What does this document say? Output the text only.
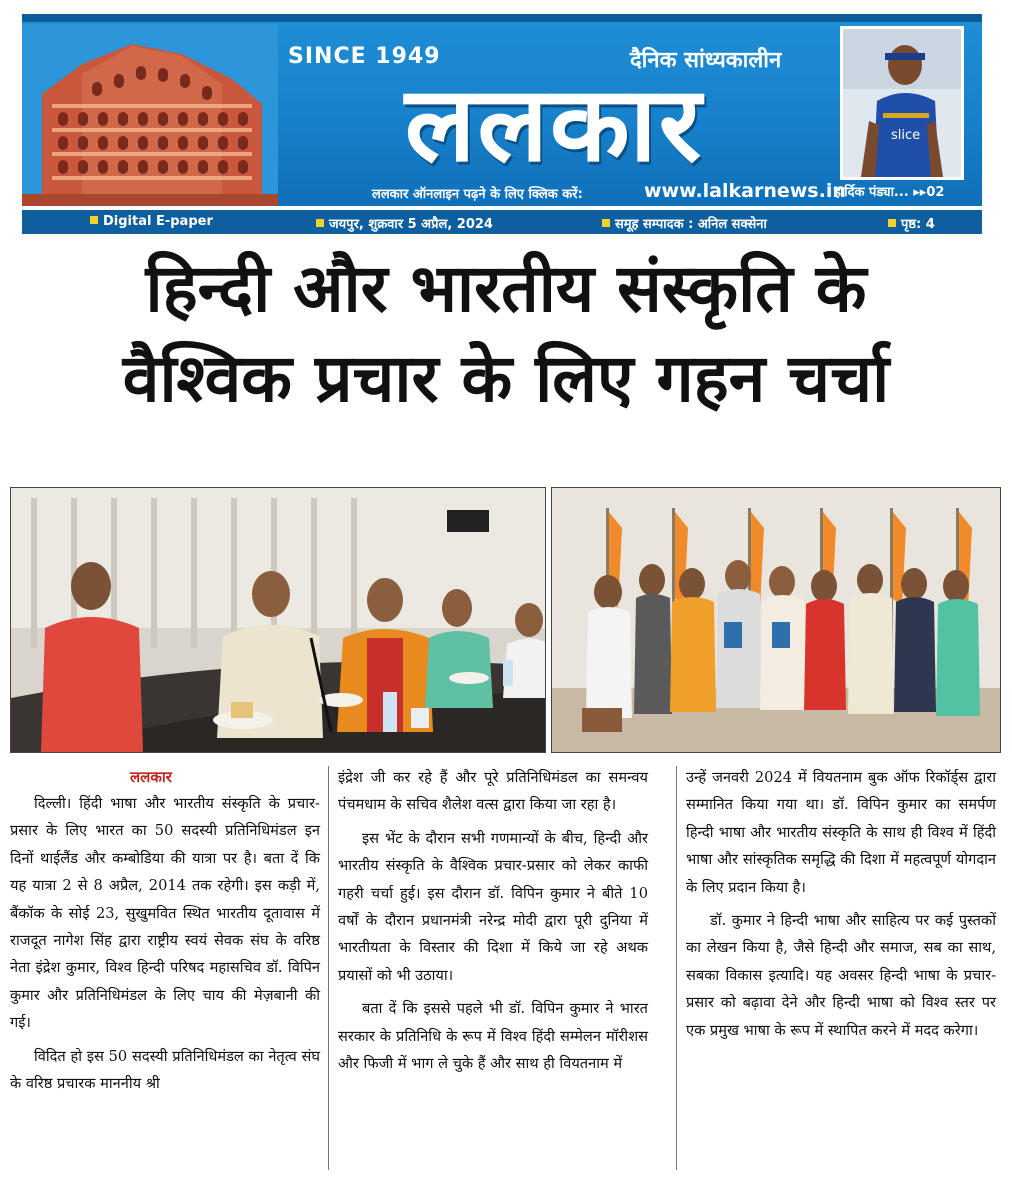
SINCE 1949	दैनिक सांध्यकालीन
ललकार
ललकार ऑनलाइन पढ़ने के लिए क्लिक करें:	www.lalkarnews.in
slice
हार्दिक पंड्या... ▸▸02
Digital E-paper	जयपुर, शुक्रवार 5 अप्रैल, 2024	समूह सम्पादक : अनिल सक्सेना	पृष्ठ: 4
हिन्दी और भारतीय संस्कृति के
वैश्विक प्रचार के लिए गहन चर्चा
ललकार

दिल्ली। हिंदी भाषा और भारतीय संस्कृति के प्रचार-प्रसार के लिए भारत का 50 सदस्यी प्रतिनिधिमंडल इन दिनों थाईलैंड और कम्बोडिया की यात्रा पर है। बता दें कि यह यात्रा 2 से 8 अप्रैल, 2014 तक रहेगी। इस कड़ी में, बैंकॉक के सोई 23, सुखुमवित स्थित भारतीय दूतावास में राजदूत नागेश सिंह द्वारा राष्ट्रीय स्वयं सेवक संघ के वरिष्ठ नेता इंद्रेश कुमार, विश्व हिन्दी परिषद महासचिव डॉ. विपिन कुमार और प्रतिनिधिमंडल के लिए चाय की मेज़बानी की गई।

विदित हो इस 50 सदस्यी प्रतिनिधिमंडल का नेतृत्व संघ के वरिष्ठ प्रचारक माननीय श्री

इंद्रेश जी कर रहे हैं और पूरे प्रतिनिधिमंडल का समन्वय पंचमधाम के सचिव शैलेश वत्स द्वारा किया जा रहा है।

इस भेंट के दौरान सभी गणमान्यों के बीच, हिन्दी और भारतीय संस्कृति के वैश्विक प्रचार-प्रसार को लेकर काफी गहरी चर्चा हुई। इस दौरान डॉ. विपिन कुमार ने बीते 10 वर्षों के दौरान प्रधानमंत्री नरेन्द्र मोदी द्वारा पूरी दुनिया में भारतीयता के विस्तार की दिशा में किये जा रहे अथक प्रयासों को भी उठाया।

बता दें कि इससे पहले भी डॉ. विपिन कुमार ने भारत सरकार के प्रतिनिधि के रूप में विश्व हिंदी सम्मेलन मॉरीशस और फिजी में भाग ले चुके हैं और साथ ही वियतनाम में

उन्हें जनवरी 2024 में वियतनाम बुक ऑफ रिकॉर्ड्स द्वारा सम्मानित किया गया था। डॉ. विपिन कुमार का समर्पण हिन्दी भाषा और भारतीय संस्कृति के साथ ही विश्व में हिंदी भाषा और सांस्कृतिक समृद्धि की दिशा में महत्वपूर्ण योगदान के लिए प्रदान किया है।

डॉ. कुमार ने हिन्दी भाषा और साहित्य पर कई पुस्तकों का लेखन किया है, जैसे हिन्दी और समाज, सब का साथ, सबका विकास इत्यादि। यह अवसर हिन्दी भाषा के प्रचार-प्रसार को बढ़ावा देने और हिन्दी भाषा को विश्व स्तर पर एक प्रमुख भाषा के रूप में स्थापित करने में मदद करेगा।
